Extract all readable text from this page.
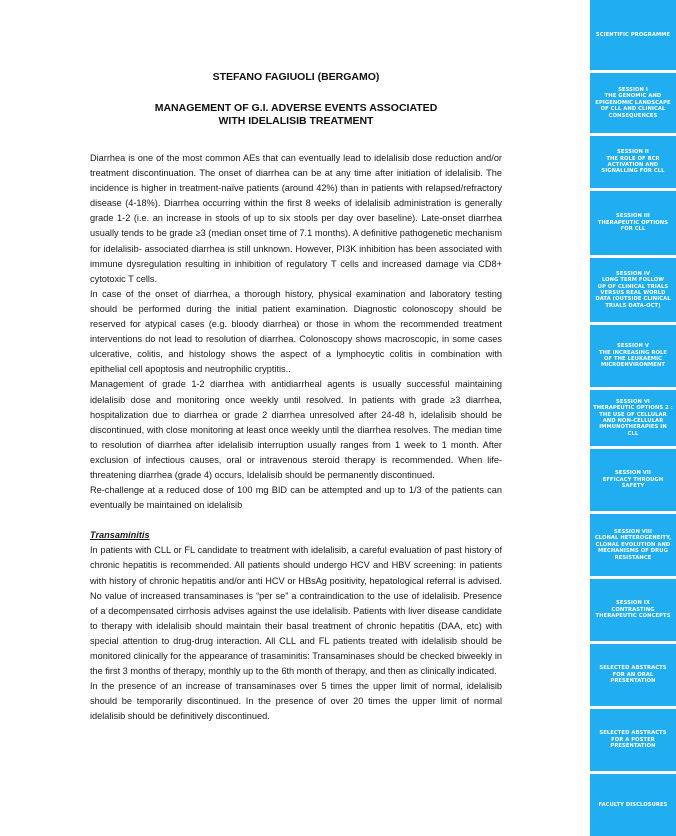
STEFANO FAGIUOLI (BERGAMO)
MANAGEMENT OF G.I. ADVERSE EVENTS ASSOCIATED
WITH IDELALISIB TREATMENT

Diarrhea is one of the most common AEs that can eventually lead to idelalisib dose reduction and/or treatment discontinuation. The onset of diarrhea can be at any time after initiation of idelalisib. The incidence is higher in treatment-naïve patients (around 42%) than in patients with relapsed/refractory disease (4-18%). Diarrhea occurring within the first 8 weeks of idelalisib administration is generally grade 1-2 (i.e. an increase in stools of up to six stools per day over baseline). Late-onset diarrhea usually tends to be grade ≥3 (median onset time of 7.1 months). A definitive pathogenetic mechanism for idelalisib- associated diarrhea is still unknown. However, PI3K inhibition has been associated with immune dysregulation resulting in inhibition of regulatory T cells and increased damage via CD8+ cytotoxic T cells.

In case of the onset of diarrhea, a thorough history, physical examination and laboratory testing should be performed during the initial patient examination. Diagnostic colonoscopy should be reserved for atypical cases (e.g. bloody diarrhea) or those in whom the recommended treatment interventions do not lead to resolution of diarrhea. Colonoscopy shows macroscopic, in some cases ulcerative, colitis, and histology shows the aspect of a lymphocytic colitis in combination with epithelial cell apoptosis and neutrophilic cryptitis..

Management of grade 1-2 diarrhea with antidiarrheal agents is usually successful maintaining idelalisib dose and monitoring once weekly until resolved. In patients with grade ≥3 diarrhea, hospitalization due to diarrhea or grade 2 diarrhea unresolved after 24-48 h, idelalisib should be discontinued, with close monitoring at least once weekly until the diarrhea resolves. The median time to resolution of diarrhea after idelalisib interruption usually ranges from 1 week to 1 month. After exclusion of infectious causes, oral or intravenous steroid therapy is recommended. When life-threatening diarrhea (grade 4) occurs, Idelalisib should be permanently discontinued.

Re-challenge at a reduced dose of 100 mg BID can be attempted and up to 1/3 of the patients can eventually be maintained on idelalisib

Transaminitis

In patients with CLL or FL candidate to treatment with idelalisib, a careful evaluation of past history of chronic hepatitis is recommended. All patients should undergo HCV and HBV screening: in patients with history of chronic hepatitis and/or anti HCV or HBsAg positivity, hepatological referral is advised. No value of increased transaminases is “per se” a contraindication to the use of idelalisib. Presence of a decompensated cirrhosis advises against the use idelalisib. Patients with liver disease candidate to therapy with idelalisib should maintain their basal treatment of chronic hepatitis (DAA, etc) with special attention to drug-drug interaction. All CLL and FL patients treated with idelalisib should be monitored clinically for the appearance of trasaminitis: Transaminases should be checked biweekly in the first 3 months of therapy, monthly up to the 6th month of therapy, and then as clinically indicated.

In the presence of an increase of transaminases over 5 times the upper limit of normal, idelalisib should be temporarily discontinued. In the presence of over 20 times the upper limit of normal idelalisib should be definitively discontinued.

SCIENTIFIC PROGRAMME
SESSION I
THE GENOMIC AND
EPIGENOMIC LANDSCAPE
OF CLL AND CLINICAL
CONSEQUENCES
SESSION II
THE ROLE OF BCR
ACTIVATION AND
SIGNALLING FOR CLL
SESSION III
THERAPEUTIC OPTIONS
FOR CLL
SESSION IV
LONG TERM FOLLOW
UP OF CLINICAL TRIALS
VERSUS REAL WORLD
DATA (OUTSIDE CLINICAL
TRIALS DATA-OCT)
SESSION V
THE INCREASING ROLE
OF THE LEUKAEMIC
MICROENVIRONMENT
SESSION VI
THERAPEUTIC OPTIONS 2 :
THE USE OF CELLULAR
AND NON-CELLULAR
IMMUNOTHERAPIES IN
CLL
SESSION VII
EFFICACY THROUGH
SAFETY
SESSION VIII
CLONAL HETEROGENEITY,
CLONAL EVOLUTION AND
MECHANISMS OF DRUG
RESISTANCE
SESSION IX
CONTRASTING
THERAPEUTIC CONCEPTS
SELECTED ABSTRACTS
FOR AN ORAL
PRESENTATION
SELECTED ABSTRACTS
FOR A POSTER
PRESENTATION
FACULTY DISCLOSURES
